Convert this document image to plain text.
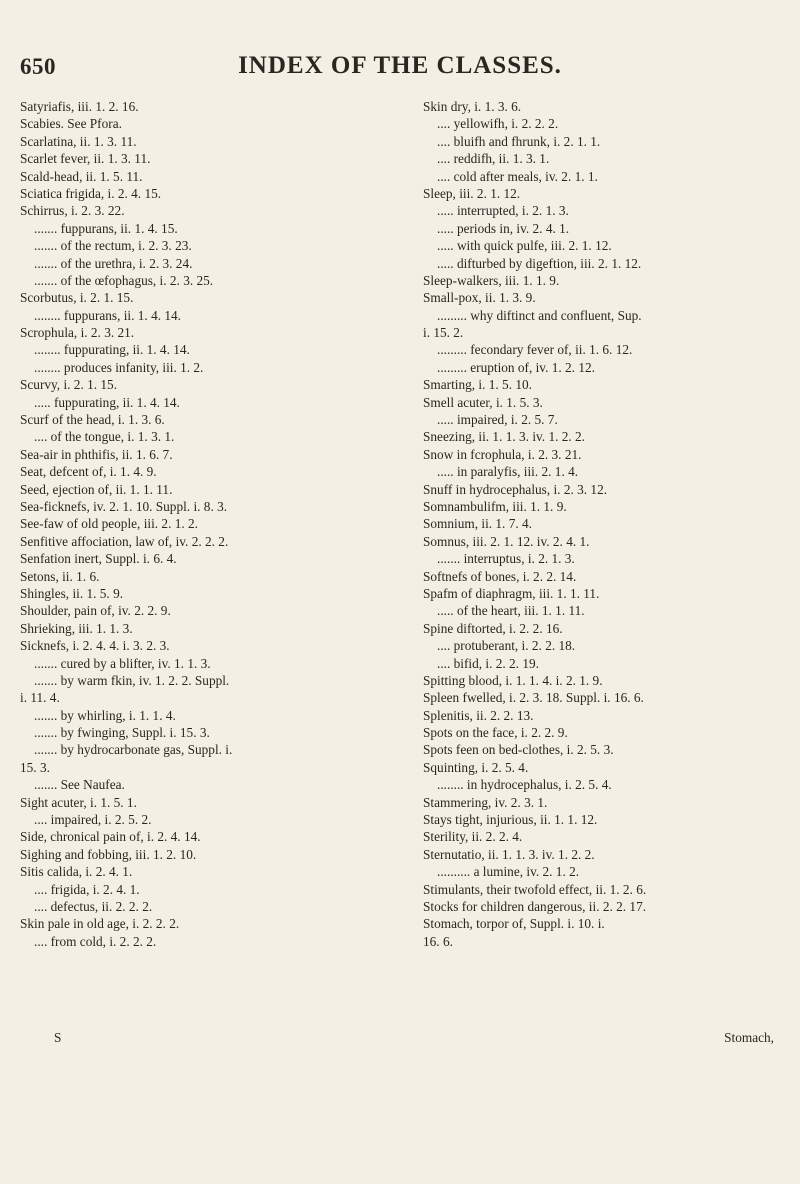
650	INDEX OF THE CLASSES.
Satyriafis, iii. 1. 2. 16.
Scabies. See Pfora.
Scarlatina, ii. 1. 3. 11.
Scarlet fever, ii. 1. 3. 11.
Scald-head, ii. 1. 5. 11.
Sciatica frigida, i. 2. 4. 15.
Schirrus, i. 2. 3. 22.
....... fuppurans, ii. 1. 4. 15.
....... of the rectum, i. 2. 3. 23.
....... of the urethra, i. 2. 3. 24.
....... of the œfophagus, i. 2. 3. 25.
Scorbutus, i. 2. 1. 15.
........ fuppurans, ii. 1. 4. 14.
Scrophula, i. 2. 3. 21.
........ fuppurating, ii. 1. 4. 14.
........ produces infanity, iii. 1. 2.
Scurvy, i. 2. 1. 15.
..... fuppurating, ii. 1. 4. 14.
Scurf of the head, i. 1. 3. 6.
.... of the tongue, i. 1. 3. 1.
Sea-air in phthifis, ii. 1. 6. 7.
Seat, defcent of, i. 1. 4. 9.
Seed, ejection of, ii. 1. 1. 11.
Sea-ficknefs, iv. 2. 1. 10. Suppl. i. 8. 3.
See-faw of old people, iii. 2. 1. 2.
Senfitive affociation, law of, iv. 2. 2. 2.
Senfation inert, Suppl. i. 6. 4.
Setons, ii. 1. 6.
Shingles, ii. 1. 5. 9.
Shoulder, pain of, iv. 2. 2. 9.
Shrieking, iii. 1. 1. 3.
Sicknefs, i. 2. 4. 4. i. 3. 2. 3.
....... cured by a blifter, iv. 1. 1. 3.
....... by warm fkin, iv. 1. 2. 2. Suppl.
i. 11. 4.
....... by whirling, i. 1. 1. 4.
....... by fwinging, Suppl. i. 15. 3.
....... by hydrocarbonate gas, Suppl. i.
15. 3.
....... See Naufea.
Sight acuter, i. 1. 5. 1.
.... impaired, i. 2. 5. 2.
Side, chronical pain of, i. 2. 4. 14.
Sighing and fobbing, iii. 1. 2. 10.
Sitis calida, i. 2. 4. 1.
.... frigida, i. 2. 4. 1.
.... defectus, ii. 2. 2. 2.
Skin pale in old age, i. 2. 2. 2.
.... from cold, i. 2. 2. 2.
Skin dry, i. 1. 3. 6.
.... yellowifh, i. 2. 2. 2.
.... bluifh and fhrunk, i. 2. 1. 1.
.... reddifh, ii. 1. 3. 1.
.... cold after meals, iv. 2. 1. 1.
Sleep, iii. 2. 1. 12.
..... interrupted, i. 2. 1. 3.
..... periods in, iv. 2. 4. 1.
..... with quick pulfe, iii. 2. 1. 12.
..... difturbed by digeftion, iii. 2. 1. 12.
Sleep-walkers, iii. 1. 1. 9.
Small-pox, ii. 1. 3. 9.
......... why diftinct and confluent, Sup.
i. 15. 2.
......... fecondary fever of, ii. 1. 6. 12.
......... eruption of, iv. 1. 2. 12.
Smarting, i. 1. 5. 10.
Smell acuter, i. 1. 5. 3.
..... impaired, i. 2. 5. 7.
Sneezing, ii. 1. 1. 3. iv. 1. 2. 2.
Snow in fcrophula, i. 2. 3. 21.
..... in paralyfis, iii. 2. 1. 4.
Snuff in hydrocephalus, i. 2. 3. 12.
Somnambulifm, iii. 1. 1. 9.
Somnium, ii. 1. 7. 4.
Somnus, iii. 2. 1. 12. iv. 2. 4. 1.
....... interruptus, i. 2. 1. 3.
Softnefs of bones, i. 2. 2. 14.
Spafm of diaphragm, iii. 1. 1. 11.
..... of the heart, iii. 1. 1. 11.
Spine diftorted, i. 2. 2. 16.
.... protuberant, i. 2. 2. 18.
.... bifid, i. 2. 2. 19.
Spitting blood, i. 1. 1. 4. i. 2. 1. 9.
Spleen fwelled, i. 2. 3. 18. Suppl. i. 16. 6.
Splenitis, ii. 2. 2. 13.
Spots on the face, i. 2. 2. 9.
Spots feen on bed-clothes, i. 2. 5. 3.
Squinting, i. 2. 5. 4.
........ in hydrocephalus, i. 2. 5. 4.
Stammering, iv. 2. 3. 1.
Stays tight, injurious, ii. 1. 1. 12.
Sterility, ii. 2. 2. 4.
Sternutatio, ii. 1. 1. 3. iv. 1. 2. 2.
.......... a lumine, iv. 2. 1. 2.
Stimulants, their twofold effect, ii. 1. 2. 6.
Stocks for children dangerous, ii. 2. 2. 17.
Stomach, torpor of, Suppl. i. 10. i.
16. 6.
S	Stomach,
